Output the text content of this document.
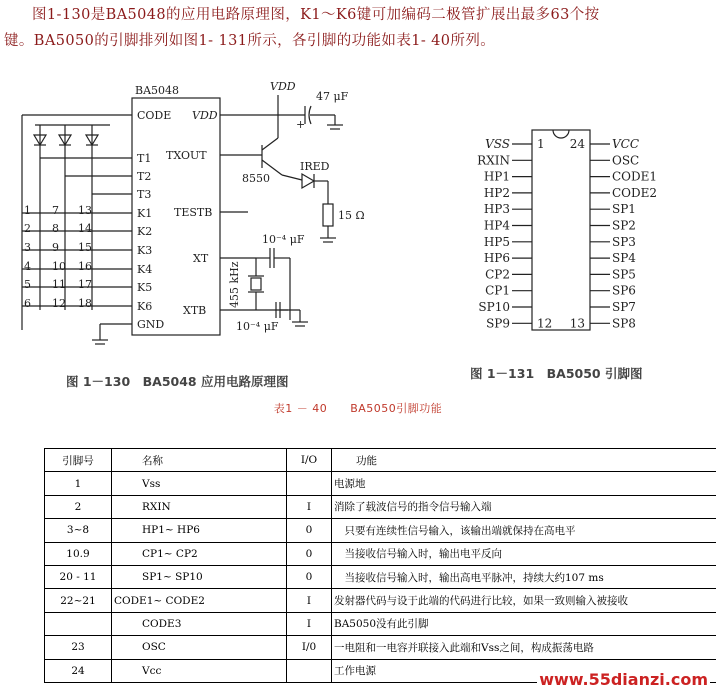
图1-130是BA5048的应用电路原理图，K1～K6键可加编码二极管扩展出最多63个按

键。BA5050的引脚排列如图1- 131所示，各引脚的功能如表1- 40所列。

BA5048
CODE
T1
T2
T3
K1
K2
K3
K4
K5
K6
GND
VDD
TXOUT
TESTB
XT
XTB
VDD
47 μF
+
8550
IRED
15 Ω
10⁻⁴ μF
10⁻⁴ μF
455 kHz
1 7 13
2 8 14
3 9 15
4 10 16
5 11 17
6 12 18
图 1－130　BA5048 应用电路原理图
VSS 1
RXIN
HP1
HP2
HP3
HP4
HP5
HP6
CP2
CP1
SP10
SP9 12
VCC
24
OSC
CODE1
CODE2
SP1
SP2
SP3
SP4
SP5
SP6
SP7
SP8
13
图 1－131　BA5050 引脚图
表1 － 40　　BA5050引脚功能
引脚号	名称	I/O	功能
1	Vss		电源地
2	RXIN	I	消除了载波信号的指令信号输入端
3~8	HP1~ HP6	0	　只要有连续性信号输入，该输出端就保持在高电平
10.9	CP1~ CP2	0	　当接收信号输入时，输出电平反向
20 - 11	SP1~ SP10	0	　当接收信号输入时，输出高电平脉冲，持续大约107 ms
22~21	CODE1~ CODE2	I	发射器代码与设于此端的代码进行比较，如果一致则输入被接收
	CODE3	I	BA5050没有此引脚
23	OSC	I/0	一电阻和一电容并联接入此端和Vss之间，构成振荡电路
24	Vcc		工作电源	www.55dianzi.com
